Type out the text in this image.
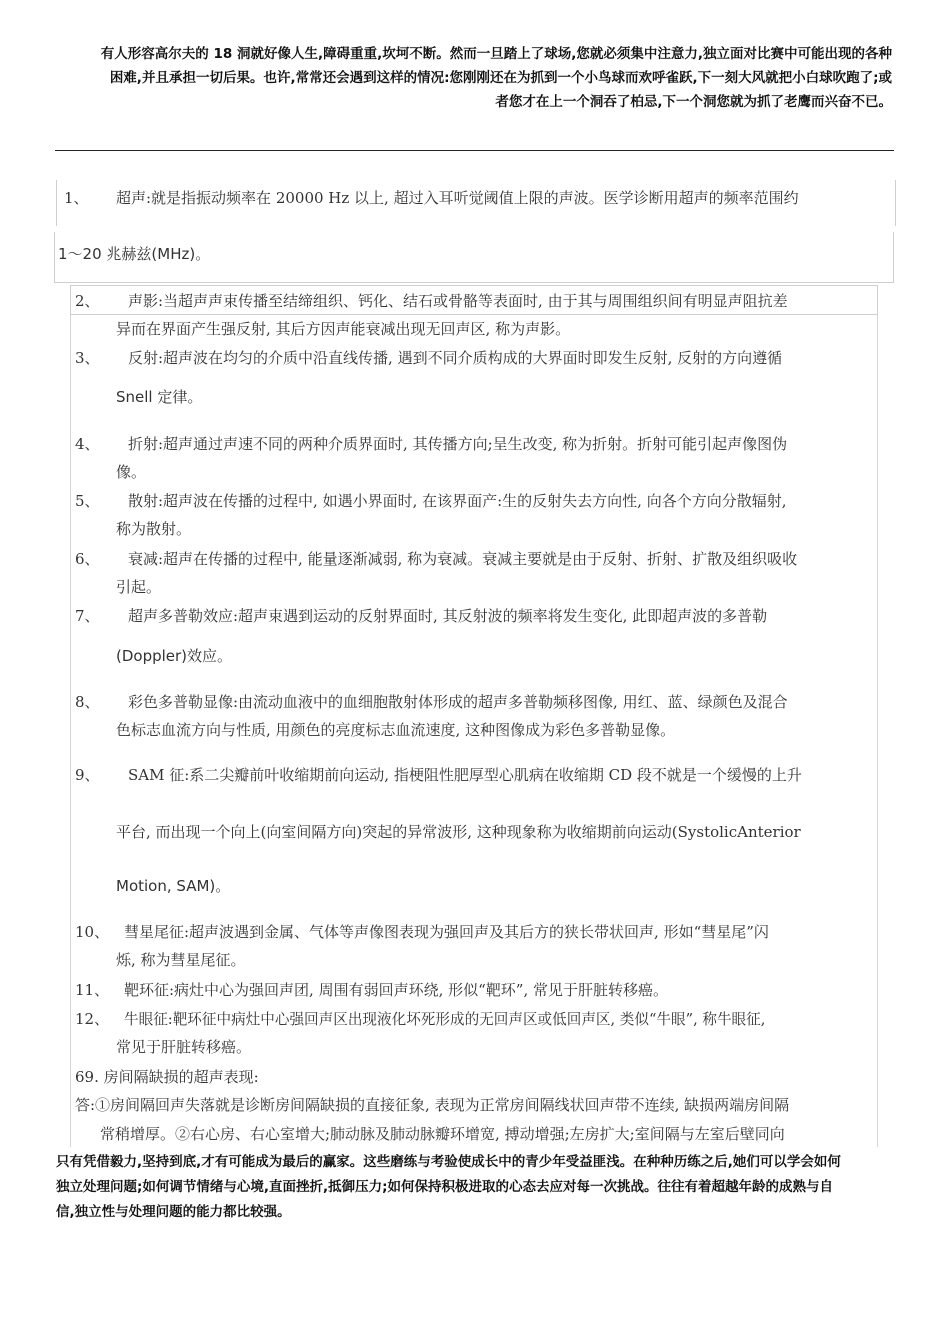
有人形容高尔夫的 18 洞就好像人生,障碍重重,坎坷不断。然而一旦踏上了球场,您就必须集中注意力,独立面对比赛中可能出现的各种

困难,并且承担一切后果。也许,常常还会遇到这样的情况:您刚刚还在为抓到一个小鸟球而欢呼雀跃,下一刻大风就把小白球吹跑了;或

者您才在上一个洞吞了柏忌,下一个洞您就为抓了老鹰而兴奋不已。

1、 超声:就是指振动频率在 20000 Hz 以上, 超过入耳听觉阈值上限的声波。医学诊断用超声的频率范围约
1～20 兆赫兹(MHz)。
2、 声影:当超声声束传播至结缔组织、钙化、结石或骨骼等表面时, 由于其与周围组织间有明显声阻抗差
异而在界面产生强反射, 其后方因声能衰减出现无回声区, 称为声影。
3、 反射:超声波在均匀的介质中沿直线传播, 遇到不同介质构成的大界面时即发生反射, 反射的方向遵循
Snell 定律。
4、 折射:超声通过声速不同的两种介质界面时, 其传播方向;呈生改变, 称为折射。折射可能引起声像图伪
像。
5、 散射:超声波在传播的过程中, 如遇小界面时, 在该界面产:生的反射失去方向性, 向各个方向分散辐射,
称为散射。
6、 衰减:超声在传播的过程中, 能量逐渐减弱, 称为衰减。衰减主要就是由于反射、折射、扩散及组织吸收
引起。
7、 超声多普勒效应:超声束遇到运动的反射界面时, 其反射波的频率将发生变化, 此即超声波的多普勒
(Doppler)效应。
8、 彩色多普勒显像:由流动血液中的血细胞散射体形成的超声多普勒频移图像, 用红、蓝、绿颜色及混合
色标志血流方向与性质, 用颜色的亮度标志血流速度, 这种图像成为彩色多普勒显像。
9、 SAM 征:系二尖瓣前叶收缩期前向运动, 指梗阻性肥厚型心肌病在收缩期 CD 段不就是一个缓慢的上升
平台, 而出现一个向上(向室间隔方向)突起的异常波形, 这种现象称为收缩期前向运动(SystolicAnterior
Motion, SAM)。
10、 彗星尾征:超声波遇到金属、气体等声像图表现为强回声及其后方的狭长带状回声, 形如“彗星尾”闪
烁, 称为彗星尾征。
11、 靶环征:病灶中心为强回声团, 周围有弱回声环绕, 形似“靶环”, 常见于肝脏转移癌。
12、 牛眼征:靶环征中病灶中心强回声区出现液化坏死形成的无回声区或低回声区, 类似“牛眼”, 称牛眼征,
常见于肝脏转移癌。
69. 房间隔缺损的超声表现:
答:①房间隔回声失落就是诊断房间隔缺损的直接征象, 表现为正常房间隔线状回声带不连续, 缺损两端房间隔
常稍增厚。②右心房、右心室增大;肺动脉及肺动脉瓣环增宽, 搏动增强;左房扩大;室间隔与左室后壁同向

只有凭借毅力,坚持到底,才有可能成为最后的赢家。这些磨练与考验使成长中的青少年受益匪浅。在种种历练之后,她们可以学会如何

独立处理问题;如何调节情绪与心境,直面挫折,抵御压力;如何保持积极进取的心态去应对每一次挑战。往往有着超越年龄的成熟与自

信,独立性与处理问题的能力都比较强。
